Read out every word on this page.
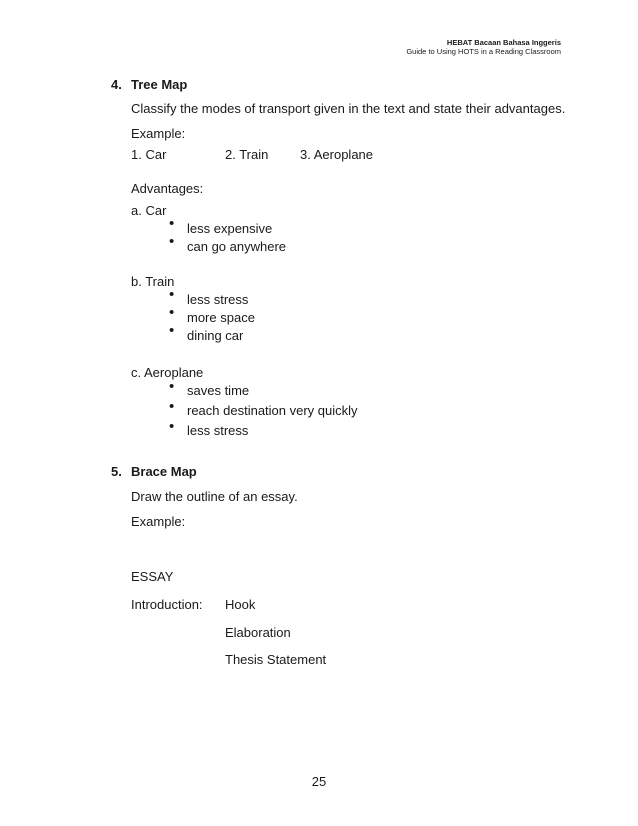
HEBAT Bacaan Bahasa Inggeris
Guide to Using HOTS in a Reading Classroom
4. Tree Map
Classify the modes of transport given in the text and state their advantages.
Example:
1. Car	2. Train 3. Aeroplane
Advantages:
a. Car
• less expensive
• can go anywhere
b. Train
• less stress
• more space
• dining car
c. Aeroplane
• saves time
• reach destination very quickly
• less stress
5. Brace Map
Draw the outline of an essay.
Example:
ESSAY
Introduction: Hook
Elaboration
Thesis Statement
25
